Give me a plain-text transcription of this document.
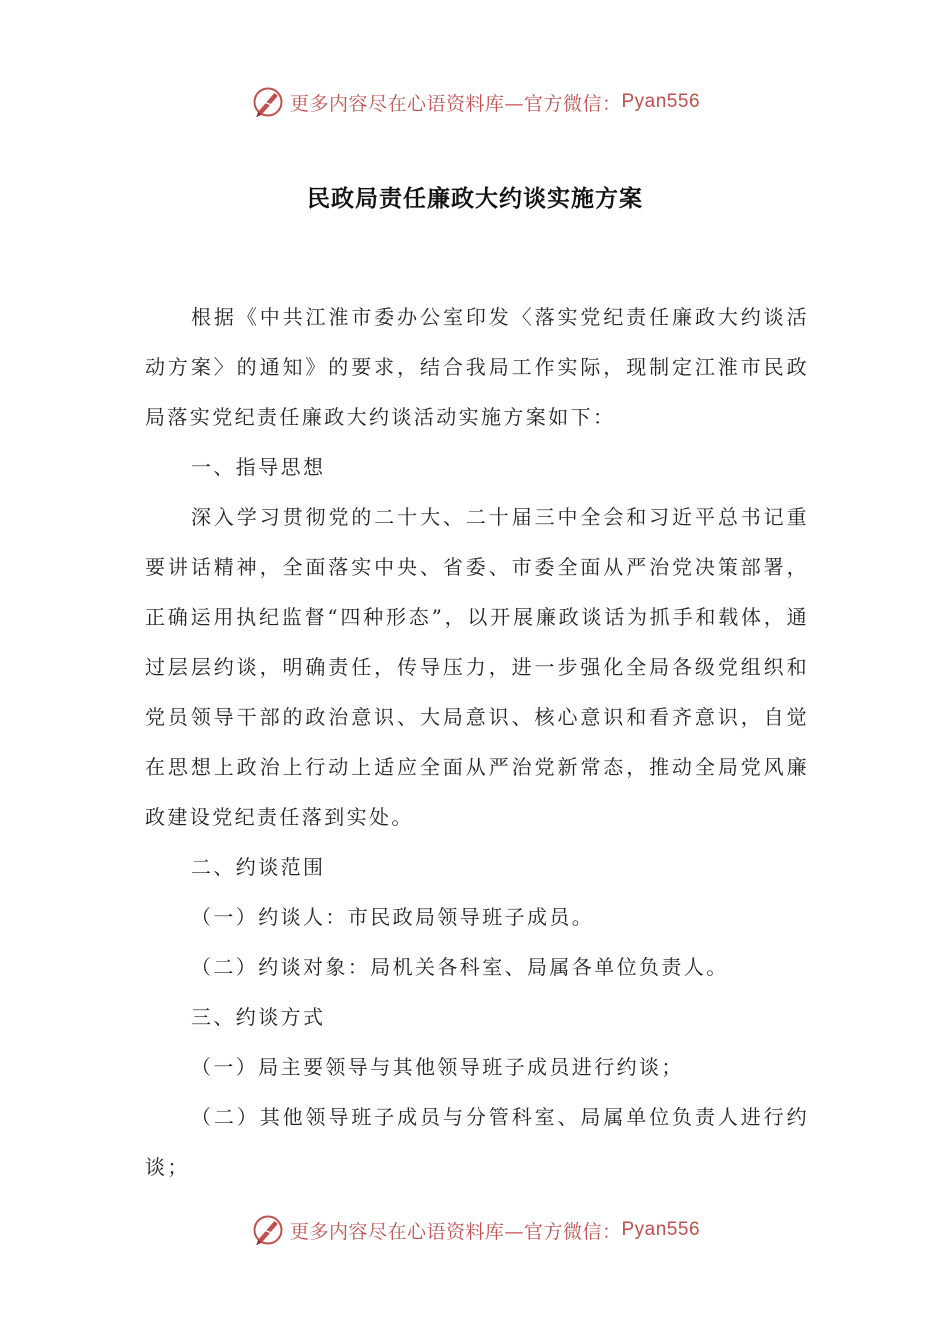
更多内容尽在心语资料库—官方微信： Pyan556
民政局责任廉政大约谈实施方案

根据《中共江淮市委办公室印发〈落实党纪责任廉政大约谈活动方案〉的通知》的要求，结合我局工作实际，现制定江淮市民政局落实党纪责任廉政大约谈活动实施方案如下：

一、指导思想

深入学习贯彻党的二十大、二十届三中全会和习近平总书记重要讲话精神，全面落实中央、省委、市委全面从严治党决策部署，正确运用执纪监督“四种形态”，以开展廉政谈话为抓手和载体，通过层层约谈，明确责任，传导压力，进一步强化全局各级党组织和党员领导干部的政治意识、大局意识、核心意识和看齐意识，自觉在思想上政治上行动上适应全面从严治党新常态，推动全局党风廉政建设党纪责任落到实处。

二、约谈范围

（一）约谈人：市民政局领导班子成员。

（二）约谈对象：局机关各科室、局属各单位负责人。

三、约谈方式

（一）局主要领导与其他领导班子成员进行约谈；

（二）其他领导班子成员与分管科室、局属单位负责人进行约谈；

更多内容尽在心语资料库—官方微信： Pyan556
